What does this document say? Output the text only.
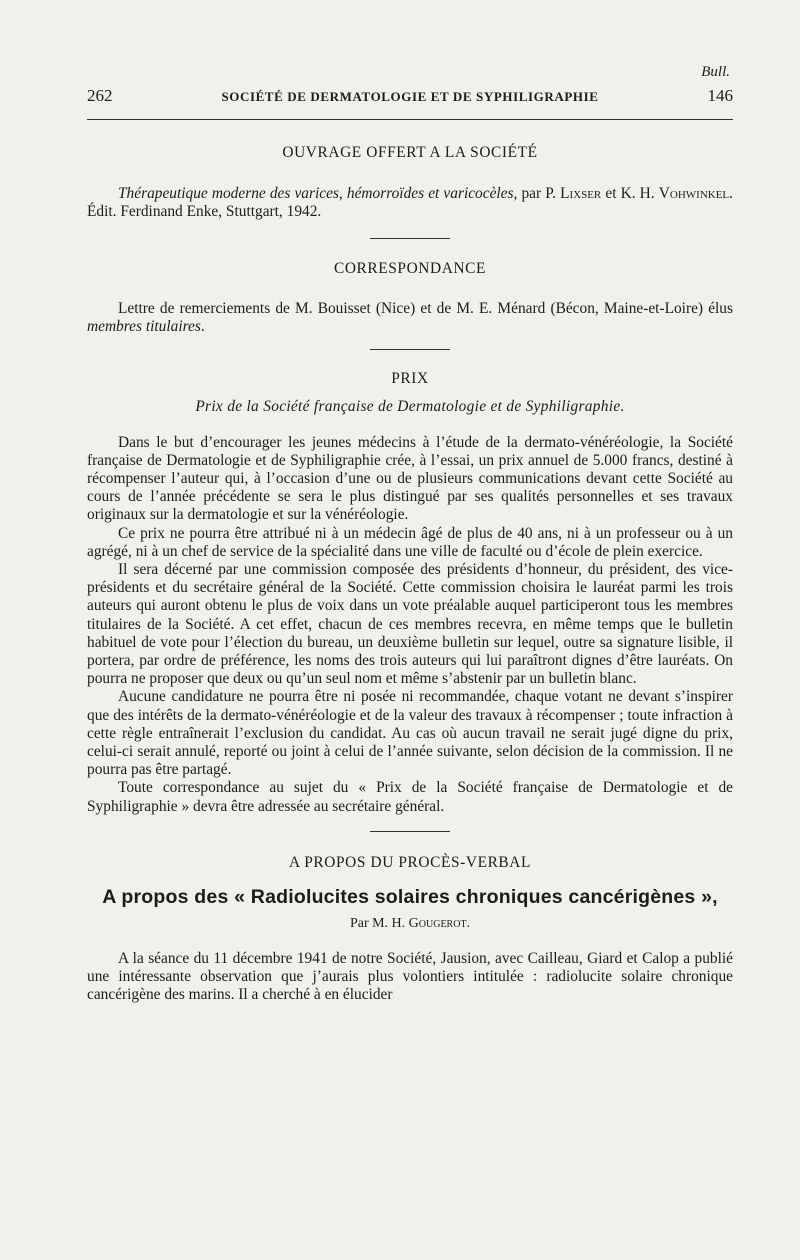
Bull.
262	SOCIÉTÉ DE DERMATOLOGIE ET DE SYPHILIGRAPHIE	146

OUVRAGE OFFERT A LA SOCIÉTÉ

Thérapeutique moderne des varices, hémorroïdes et varicocèles, par P. Lixser et K. H. Vohwinkel. Édit. Ferdinand Enke, Stuttgart, 1942.

CORRESPONDANCE

Lettre de remerciements de M. Bouisset (Nice) et de M. E. Ménard (Bécon, Maine-et-Loire) élus membres titulaires.

PRIX

Prix de la Société française de Dermatologie et de Syphiligraphie.

Dans le but d’encourager les jeunes médecins à l’étude de la dermato-vénéréologie, la Société française de Dermatologie et de Syphiligraphie crée, à l’essai, un prix annuel de 5.000 francs, destiné à récompenser l’auteur qui, à l’occasion d’une ou de plusieurs communications devant cette Société au cours de l’année précédente se sera le plus distingué par ses qualités personnelles et ses travaux originaux sur la dermatologie et sur la vénéréologie.

Ce prix ne pourra être attribué ni à un médecin âgé de plus de 40 ans, ni à un professeur ou à un agrégé, ni à un chef de service de la spécialité dans une ville de faculté ou d’école de plein exercice.

Il sera décerné par une commission composée des présidents d’honneur, du président, des vice-présidents et du secrétaire général de la Société. Cette commission choisira le lauréat parmi les trois auteurs qui auront obtenu le plus de voix dans un vote préalable auquel participeront tous les membres titulaires de la Société. A cet effet, chacun de ces membres recevra, en même temps que le bulletin habituel de vote pour l’élection du bureau, un deuxième bulletin sur lequel, outre sa signature lisible, il portera, par ordre de préférence, les noms des trois auteurs qui lui paraîtront dignes d’être lauréats. On pourra ne proposer que deux ou qu’un seul nom et même s’abstenir par un bulletin blanc.

Aucune candidature ne pourra être ni posée ni recommandée, chaque votant ne devant s’inspirer que des intérêts de la dermato-vénéréologie et de la valeur des travaux à récompenser ; toute infraction à cette règle entraînerait l’exclusion du candidat. Au cas où aucun travail ne serait jugé digne du prix, celui-ci serait annulé, reporté ou joint à celui de l’année suivante, selon décision de la commission. Il ne pourra pas être partagé.

Toute correspondance au sujet du « Prix de la Société française de Dermatologie et de Syphiligraphie » devra être adressée au secrétaire général.

A PROPOS DU PROCÈS-VERBAL

A propos des « Radiolucites solaires chroniques cancérigènes »,

Par M. H. Gougerot.

A la séance du 11 décembre 1941 de notre Société, Jausion, avec Cailleau, Giard et Calop a publié une intéressante observation que j’aurais plus volontiers intitulée : radiolucite solaire chronique cancérigène des marins. Il a cherché à en élucider
